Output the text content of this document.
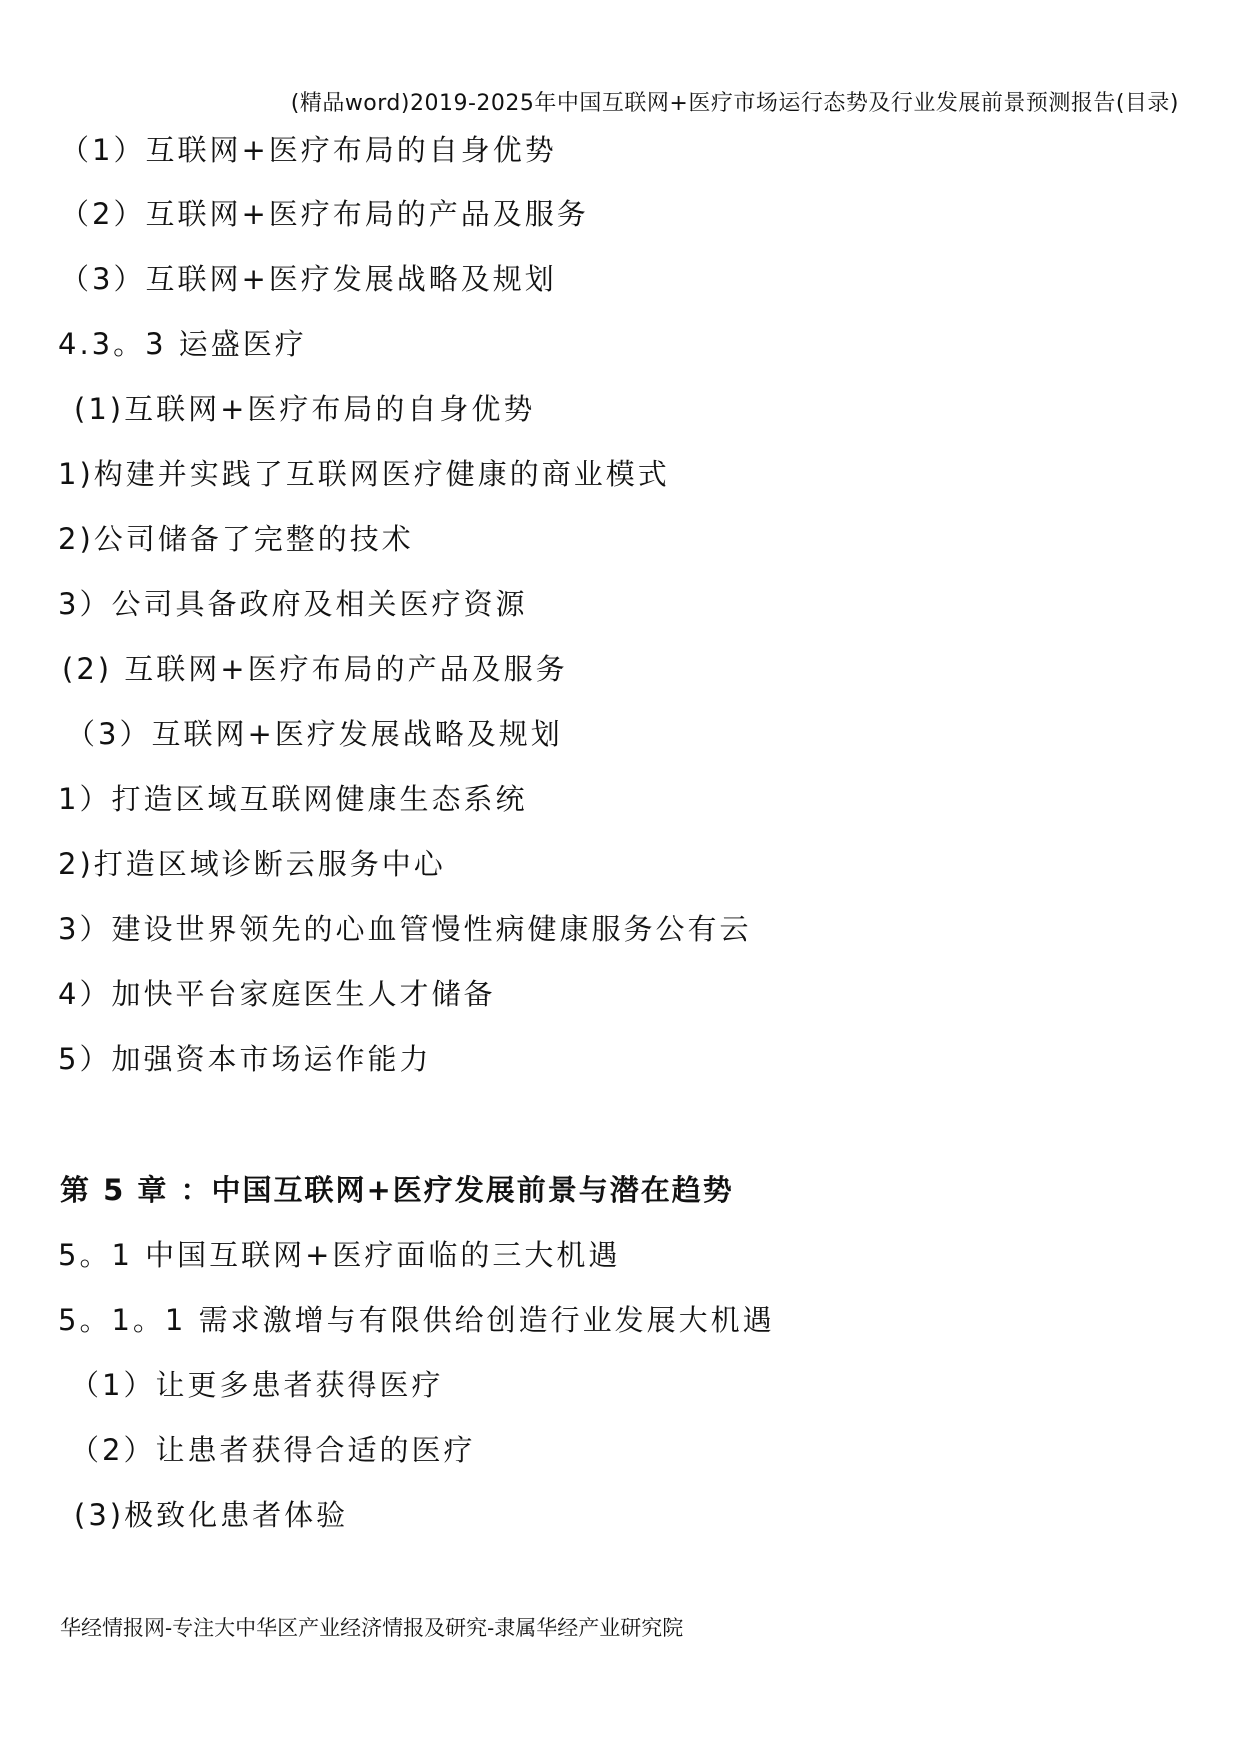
(精品word)2019-2025年中国互联网+医疗市场运行态势及行业发展前景预测报告(目录)
（1）互联网+医疗布局的自身优势
（2）互联网+医疗布局的产品及服务
（3）互联网+医疗发展战略及规划
4.3。3 运盛医疗
(1)互联网+医疗布局的自身优势
1)构建并实践了互联网医疗健康的商业模式
2)公司储备了完整的技术
3）公司具备政府及相关医疗资源
(2) 互联网+医疗布局的产品及服务
（3）互联网+医疗发展战略及规划
1）打造区域互联网健康生态系统
2)打造区域诊断云服务中心
3）建设世界领先的心血管慢性病健康服务公有云
4）加快平台家庭医生人才储备
5）加强资本市场运作能力
第 5 章 ：中国互联网+医疗发展前景与潜在趋势
5。1 中国互联网+医疗面临的三大机遇
5。1。1 需求激增与有限供给创造行业发展大机遇
（1）让更多患者获得医疗
（2）让患者获得合适的医疗
(3)极致化患者体验
华经情报网-专注大中华区产业经济情报及研究-隶属华经产业研究院
